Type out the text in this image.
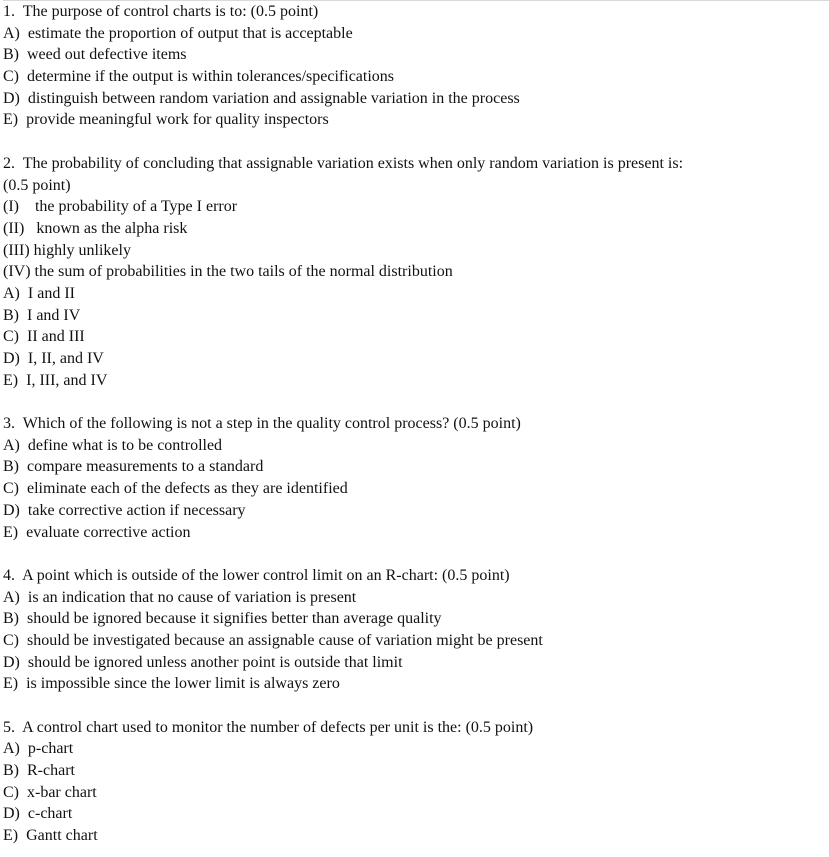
1. The purpose of control charts is to: (0.5 point)
A) estimate the proportion of output that is acceptable
B) weed out defective items
C) determine if the output is within tolerances/specifications
D) distinguish between random variation and assignable variation in the process
E) provide meaningful work for quality inspectors
2. The probability of concluding that assignable variation exists when only random variation is present is:
(0.5 point)
(I) the probability of a Type I error
(II) known as the alpha risk
(III) highly unlikely
(IV) the sum of probabilities in the two tails of the normal distribution
A) I and II
B) I and IV
C) II and III
D) I, II, and IV
E) I, III, and IV
3. Which of the following is not a step in the quality control process? (0.5 point)
A) define what is to be controlled
B) compare measurements to a standard
C) eliminate each of the defects as they are identified
D) take corrective action if necessary
E) evaluate corrective action
4. A point which is outside of the lower control limit on an R-chart: (0.5 point)
A) is an indication that no cause of variation is present
B) should be ignored because it signifies better than average quality
C) should be investigated because an assignable cause of variation might be present
D) should be ignored unless another point is outside that limit
E) is impossible since the lower limit is always zero
5. A control chart used to monitor the number of defects per unit is the: (0.5 point)
A) p-chart
B) R-chart
C) x-bar chart
D) c-chart
E) Gantt chart
